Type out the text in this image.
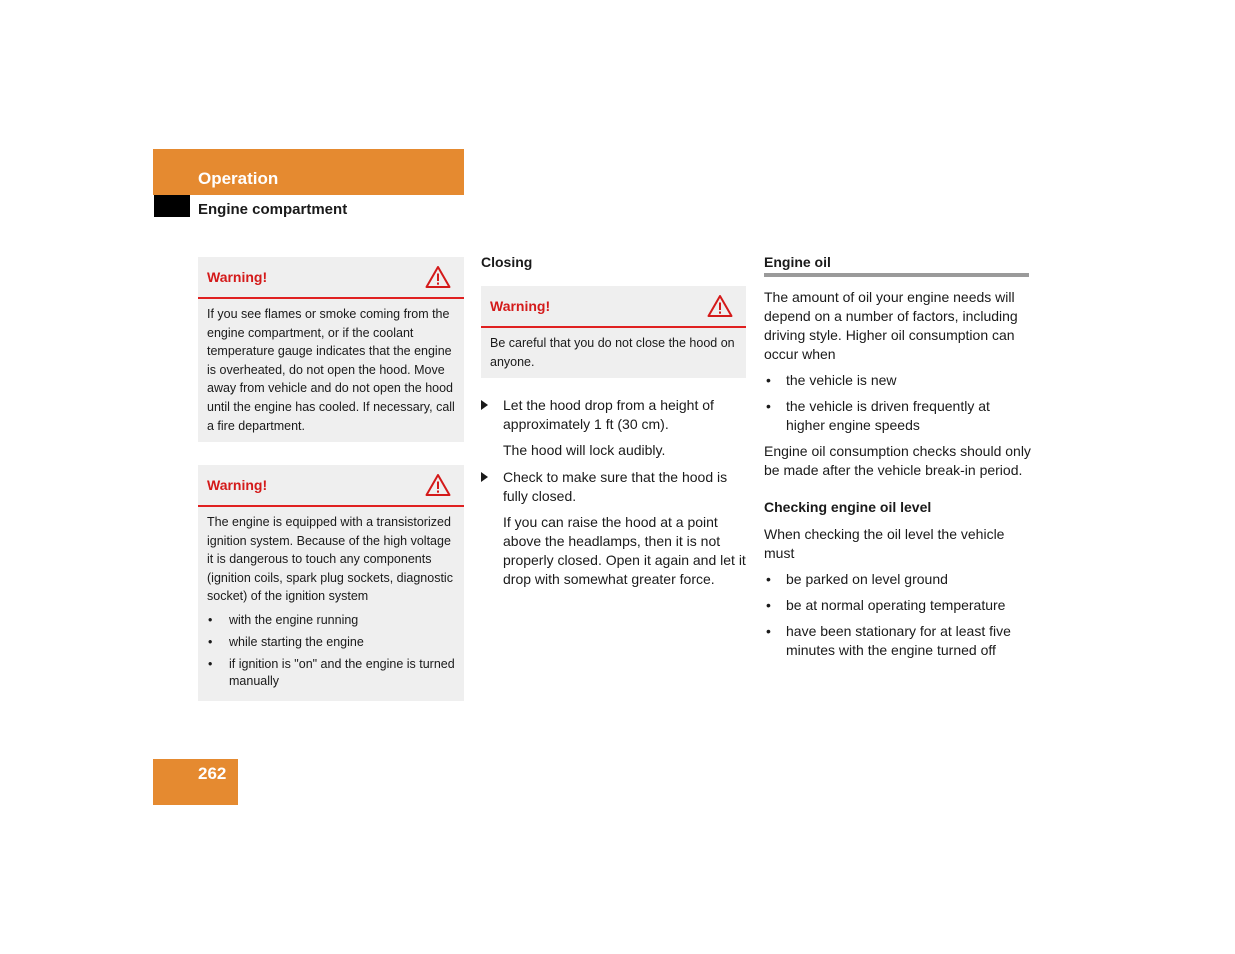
Operation
Engine compartment
Warning!

If you see flames or smoke coming from the engine compartment, or if the coolant temperature gauge indicates that the engine is overheated, do not open the hood. Move away from vehicle and do not open the hood until the engine has cooled. If necessary, call a fire department.

Warning!

The engine is equipped with a transistorized ignition system. Because of the high voltage it is dangerous to touch any components (ignition coils, spark plug sockets, diagnostic socket) of the ignition system

• with the engine running
• while starting the engine
• if ignition is "on" and the engine is turned manually
Closing
Warning!

Be careful that you do not close the hood on anyone.

Let the hood drop from a height of approximately 1 ft (30 cm).

The hood will lock audibly.

Check to make sure that the hood is fully closed.

If you can raise the hood at a point above the headlamps, then it is not properly closed. Open it again and let it drop with somewhat greater force.

Engine oil

The amount of oil your engine needs will depend on a number of factors, including driving style. Higher oil consumption can occur when

• the vehicle is new
• the vehicle is driven frequently at higher engine speeds

Engine oil consumption checks should only be made after the vehicle break-in period.

Checking engine oil level

When checking the oil level the vehicle must

• be parked on level ground
• be at normal operating temperature
• have been stationary for at least five minutes with the engine turned off
262
